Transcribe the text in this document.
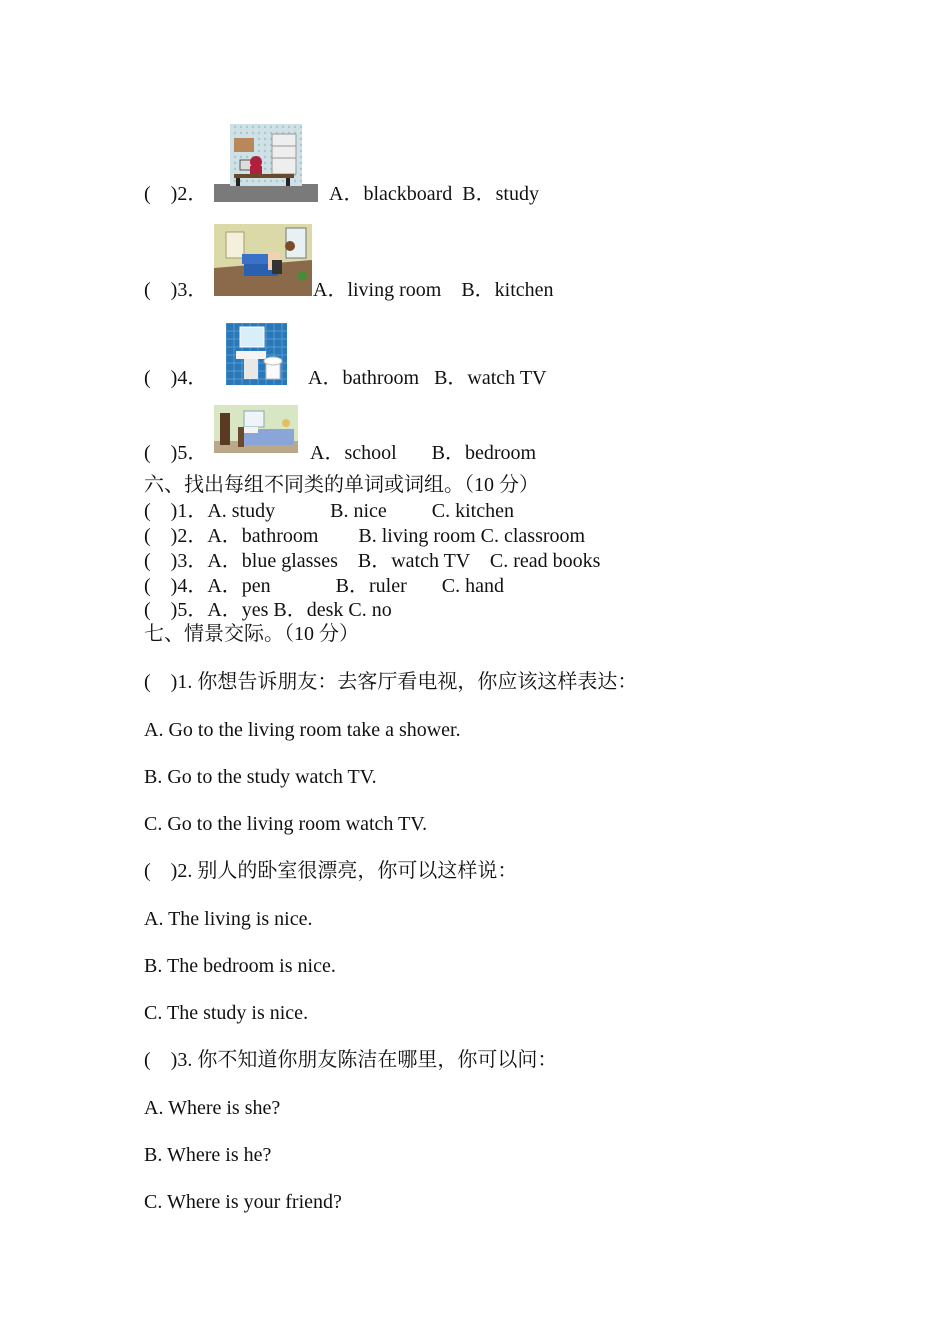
(    )2．	A．blackboard  B．study
(    )3．	A．living room    B．kitchen
(    )4．	A．bathroom   B．watch TV
(    )5．	A．school       B．bedroom
六、找出每组不同类的单词或词组。（10 分）
(    )1．A. study           B. nice         C. kitchen
(    )2．A．bathroom        B. living room C. classroom
(    )3．A．blue glasses    B．watch TV    C. read books
(    )4．A．pen             B．ruler       C. hand
(    )5．A．yes B．desk C. no
七、情景交际。（10 分）
(    )1. 你想告诉朋友：去客厅看电视，你应该这样表达：
A. Go to the living room take a shower.
B. Go to the study watch TV.
C. Go to the living room watch TV.
(    )2. 别人的卧室很漂亮，你可以这样说：
A. The living is nice.
B. The bedroom is nice.
C. The study is nice.
(    )3. 你不知道你朋友陈洁在哪里，你可以问：
A. Where is she?
B. Where is he?
C. Where is your friend?
